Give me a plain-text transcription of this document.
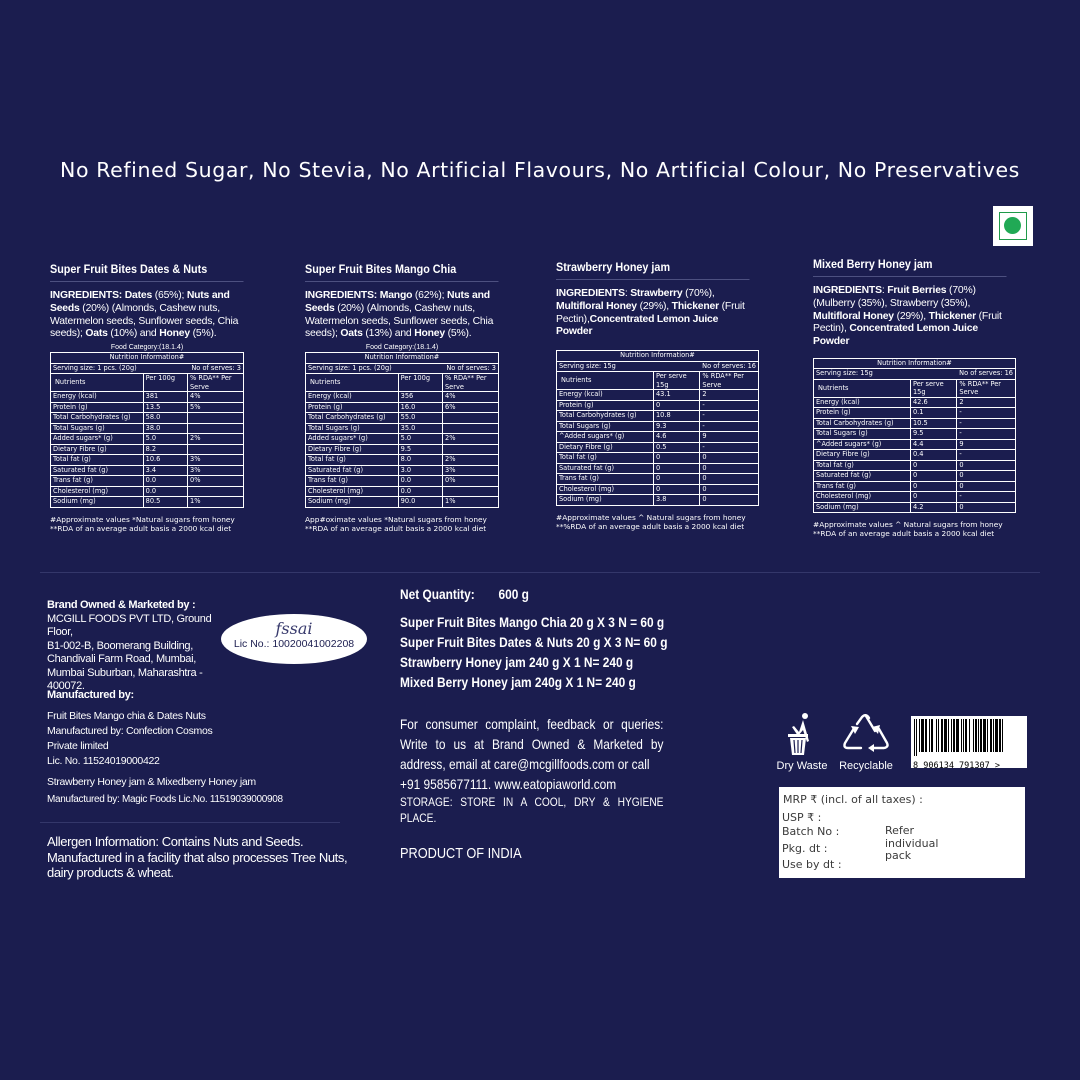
No Refined Sugar, No Stevia, No Artificial Flavours, No Artificial Colour, No Preservatives
Super Fruit Bites Dates & Nuts
INGREDIENTS: Dates (65%); Nuts and Seeds (20%) (Almonds, Cashew nuts, Watermelon seeds, Sunflower seeds, Chia seeds); Oats (10%) and Honey (5%).
Food Category:(18.1.4)
Nutrition Information#		
Serving size: 1 pcs. (20g)		No of serves: 3
Nutrients	Per 100g	% RDA** Per Serve
Energy (kcal)	381	4%
Protein (g)	13.5	5%
Total Carbohydrates (g)	58.0	
Total Sugars (g)	38.0	
Added sugars* (g)	5.0	2%
Dietary Fibre (g)	8.2	
Total fat (g)	10.6	3%
Saturated fat (g)	3.4	3%
Trans fat (g)	0.0	0%
Cholesterol (mg)	0.0	
Sodium (mg)	80.5	1%
#Approximate values *Natural sugars from honey
**RDA of an average adult basis a 2000 kcal diet
Super Fruit Bites Mango Chia
INGREDIENTS: Mango (62%); Nuts and Seeds (20%) (Almonds, Cashew nuts, Watermelon seeds, Sunflower seeds, Chia seeds); Oats (13%) and Honey (5%).
Food Category:(18.1.4)
Nutrition Information#		
Serving size: 1 pcs. (20g)		No of serves: 3
Nutrients	Per 100g	% RDA** Per Serve
Energy (kcal)	356	4%
Protein (g)	16.0	6%
Total Carbohydrates (g)	55.0	
Total Sugars (g)	35.0	
Added sugars* (g)	5.0	2%
Dietary Fibre (g)	9.5	
Total fat (g)	8.0	2%
Saturated fat (g)	3.0	3%
Trans fat (g)	0.0	0%
Cholesterol (mg)	0.0	
Sodium (mg)	90.0	1%
App#oximate values *Natural sugars from honey
**RDA of an average adult basis a 2000 kcal diet
Strawberry Honey jam
INGREDIENTS: Strawberry (70%), Multifloral Honey (29%), Thickener (Fruit Pectin),Concentrated Lemon Juice Powder
Nutrition Information#		
Serving size: 15g		No of serves: 16
Nutrients	Per serve 15g	% RDA** Per Serve
Energy (kcal)	43.1	2
Protein (g)	0	-
Total Carbohydrates (g)	10.8	-
Total Sugars (g)	9.3	-
^Added sugars* (g)	4.6	9
Dietary Fibre (g)	0.5	-
Total fat (g)	0	0
Saturated fat (g)	0	0
Trans fat (g)	0	0
Cholesterol (mg)	0	0
Sodium (mg)	3.8	0
#Approximate values ^ Natural sugars from honey
**%RDA of an average adult basis a 2000 kcal diet
Mixed Berry Honey jam
INGREDIENTS: Fruit Berries (70%) (Mulberry (35%), Strawberry (35%), Multifloral Honey (29%), Thickener (Fruit Pectin), Concentrated Lemon Juice Powder
Nutrition Information#		
Serving size: 15g		No of serves: 16
Nutrients	Per serve 15g	% RDA** Per Serve
Energy (kcal)	42.6	2
Protein (g)	0.1	-
Total Carbohydrates (g)	10.5	-
Total Sugars (g)	9.5	-
^Added sugars* (g)	4.4	9
Dietary Fibre (g)	0.4	-
Total fat (g)	0	0
Saturated fat (g)	0	0
Trans fat (g)	0	0
Cholesterol (mg)	0	-
Sodium (mg)	4.2	0
#Approximate values ^ Natural sugars from honey
**RDA of an average adult basis a 2000 kcal diet
Brand Owned & Marketed by :
MCGILL FOODS PVT LTD, Ground Floor,
B1-002-B, Boomerang Building,
Chandivali Farm Road, Mumbai,
Mumbai Suburban, Maharashtra -
400072.
fssai
Lic No.: 10020041002208
Manufactured by:
Fruit Bites Mango chia & Dates Nuts
Manufactured by: Confection Cosmos
Private limited
Lic. No. 11524019000422
Strawberry Honey jam & Mixedberry Honey jam
Manufactured by: Magic Foods Lic.No. 11519039000908
Allergen Information: Contains Nuts and Seeds. Manufactured in a facility that also processes Tree Nuts, dairy products & wheat.
Net Quantity: 600 g
Super Fruit Bites Mango Chia 20 g X 3 N = 60 g
Super Fruit Bites Dates & Nuts 20 g X 3 N= 60 g
Strawberry Honey jam 240 g X 1 N= 240 g
Mixed Berry Honey jam 240g X 1 N= 240 g
For consumer complaint, feedback or queries: Write to us at Brand Owned & Marketed by address, email at care@mcgillfoods.com or call
+91 9585677111. www.eatopiaworld.com
STORAGE: STORE IN A COOL, DRY & HYGIENE PLACE.
PRODUCT OF INDIA
Dry Waste	Recyclable	8 906134 791307 >
MRP ₹ (incl. of all taxes) :
USP ₹ :
Batch No :
Pkg. dt :
Use by dt :
Refer individual pack
